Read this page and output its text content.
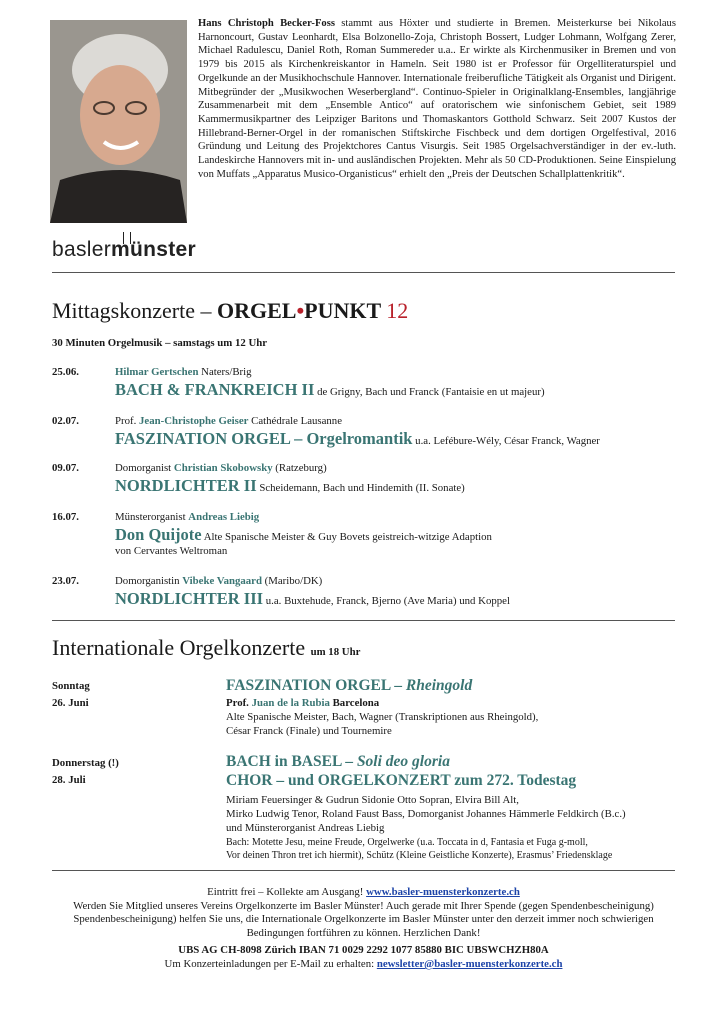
Hans Christoph Becker-Foss stammt aus Höxter und studierte in Bremen. Meisterkurse bei Nikolaus Harnoncourt, Gustav Leonhardt, Elsa Bolzonello-Zoja, Christoph Bossert, Ludger Lohmann, Wolfgang Zerer, Michael Radulescu, Daniel Roth, Roman Summereder u.a.. Er wirkte als Kirchenmusiker in Bremen und von 1979 bis 2015 als Kirchenkreiskantor in Hameln. Seit 1980 ist er Professor für Orgelliteraturspiel und Orgelkunde an der Musikhochschule Hannover. Internationale freiberufliche Tätigkeit als Organist und Dirigent. Mitbegründer der „Musikwochen Weserbergland“. Continuo-Spieler in Originalklang-Ensembles, langjährige Zusammenarbeit mit dem „Ensemble Antico“ auf oratorischem wie sinfonischem Gebiet, seit 1989 Kammermusikpartner des Leipziger Baritons und Thomaskantors Gotthold Schwarz. Seit 2007 Kustos der Hillebrand-Berner-Orgel in der romanischen Stiftskirche Fischbeck und dem dortigen Orgelfestival, 2016 Gründung und Leitung des Projektchores Cantus Visurgis. Seit 1985 Orgelsachverständiger in der ev.-luth. Landeskirche Hannovers mit in- und ausländischen Projekten. Mehr als 50 CD-Produktionen. Seine Einspielung von Muffats „Apparatus Musico-Organisticus“ erhielt den „Preis der Deutschen Schallplattenkritik“.
baslermünster
Mittagskonzerte – ORGEL•PUNKT 12
30 Minuten Orgelmusik – samstags um 12 Uhr
25.06.	Hilmar Gertschen Naters/Brig
BACH & FRANKREICH II de Grigny, Bach und Franck (Fantaisie en ut majeur)
02.07.	Prof. Jean-Christophe Geiser Cathédrale Lausanne
FASZINATION ORGEL – Orgelromantik u.a. Lefébure-Wély, César Franck, Wagner
09.07.	Domorganist Christian Skobowsky (Ratzeburg)
NORDLICHTER II Scheidemann, Bach und Hindemith (II. Sonate)
16.07.	Münsterorganist Andreas Liebig
Don Quijote Alte Spanische Meister & Guy Bovets geistreich-witzige Adaption
von Cervantes Weltroman
23.07.	Domorganistin Vibeke Vangaard (Maribo/DK)
NORDLICHTER III u.a. Buxtehude, Franck, Bjerno (Ave Maria) und Koppel
Internationale Orgelkonzerte um 18 Uhr
Sonntag
26. Juni
FASZINATION ORGEL – Rheingold
Prof. Juan de la Rubia Barcelona
Alte Spanische Meister, Bach, Wagner (Transkriptionen aus Rheingold),
César Franck (Finale) und Tournemire
Donnerstag (!)
28. Juli
BACH in BASEL – Soli deo gloria
CHOR – und ORGELKONZERT zum 272. Todestag
Miriam Feuersinger & Gudrun Sidonie Otto Sopran, Elvira Bill Alt,
Mirko Ludwig Tenor, Roland Faust Bass, Domorganist Johannes Hämmerle Feldkirch (B.c.)
und Münsterorganist Andreas Liebig
Bach: Motette Jesu, meine Freude, Orgelwerke (u.a. Toccata in d, Fantasia et Fuga g-moll,
Vor deinen Thron tret ich hiermit), Schütz (Kleine Geistliche Konzerte), Erasmus’ Friedensklage
Eintritt frei – Kollekte am Ausgang! www.basler-muensterkonzerte.ch
Werden Sie Mitglied unseres Vereins Orgelkonzerte im Basler Münster! Auch gerade mit Ihrer Spende (gegen Spendenbescheinigung) Spendenbescheinigung) helfen Sie uns, die Internationale Orgelkonzerte im Basler Münster unter den derzeit immer noch schwierigen Bedingungen fortführen zu können. Herzlichen Dank!
UBS AG CH-8098 Zürich IBAN 71 0029 2292 1077 85880 BIC UBSWCHZH80A
Um Konzerteinladungen per E-Mail zu erhalten: newsletter@basler-muensterkonzerte.ch
